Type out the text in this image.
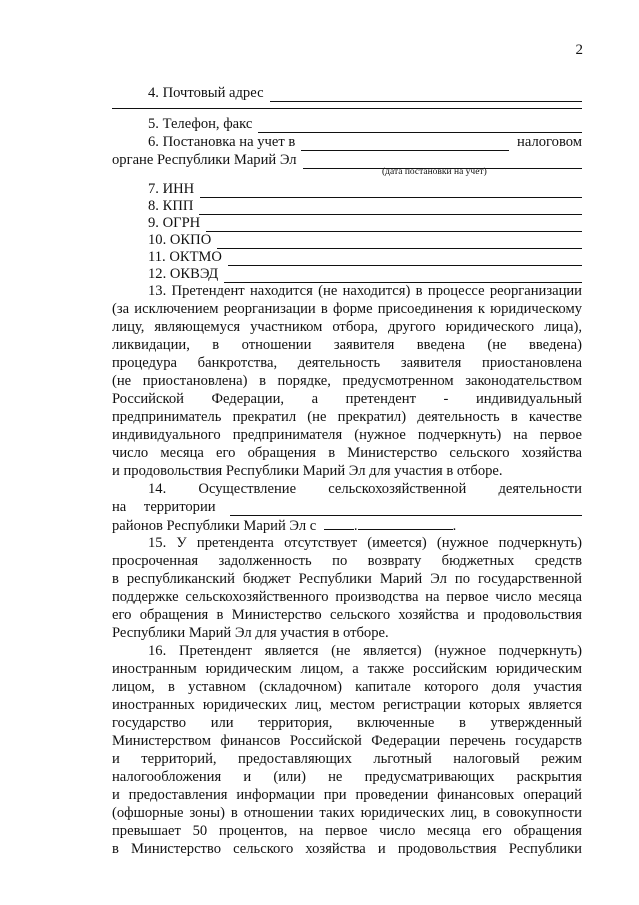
2
4. Почтовый адрес
5. Телефон, факс
6. Постановка на учет в	налоговом
органе Республики Марий Эл
(дата постановки на учет)
7. ИНН
8. КПП
9. ОГРН
10. ОКПО
11. ОКТМО
12. ОКВЭД
13. Претендент находится (не находится) в процессе реорганизации
(за исключением реорганизации в форме присоединения к юридическому
лицу, являющемуся участником отбора, другого юридического лица),
ликвидации, в отношении заявителя введена (не введена)
процедура банкротства, деятельность заявителя приостановлена
(не приостановлена) в порядке, предусмотренном законодательством
Российской Федерации, а претендент - индивидуальный
предприниматель прекратил (не прекратил) деятельность в качестве
индивидуального предпринимателя (нужное подчеркнуть) на первое
число месяца его обращения в Министерство сельского хозяйства
и продовольствия Республики Марий Эл для участия в отборе.
14. Осуществление сельскохозяйственной деятельности
на территории
районов Республики Марий Эл с	.	.
15. У претендента отсутствует (имеется) (нужное подчеркнуть)
просроченная задолженность по возврату бюджетных средств
в республиканский бюджет Республики Марий Эл по государственной
поддержке сельскохозяйственного производства на первое число месяца
его обращения в Министерство сельского хозяйства и продовольствия
Республики Марий Эл для участия в отборе.
16. Претендент является (не является) (нужное подчеркнуть)
иностранным юридическим лицом, а также российским юридическим
лицом, в уставном (складочном) капитале которого доля участия
иностранных юридических лиц, местом регистрации которых является
государство или территория, включенные в утвержденный
Министерством финансов Российской Федерации перечень государств
и территорий, предоставляющих льготный налоговый режим
налогообложения и (или) не предусматривающих раскрытия
и предоставления информации при проведении финансовых операций
(офшорные зоны) в отношении таких юридических лиц, в совокупности
превышает 50 процентов, на первое число месяца его обращения
в Министерство сельского хозяйства и продовольствия Республики
